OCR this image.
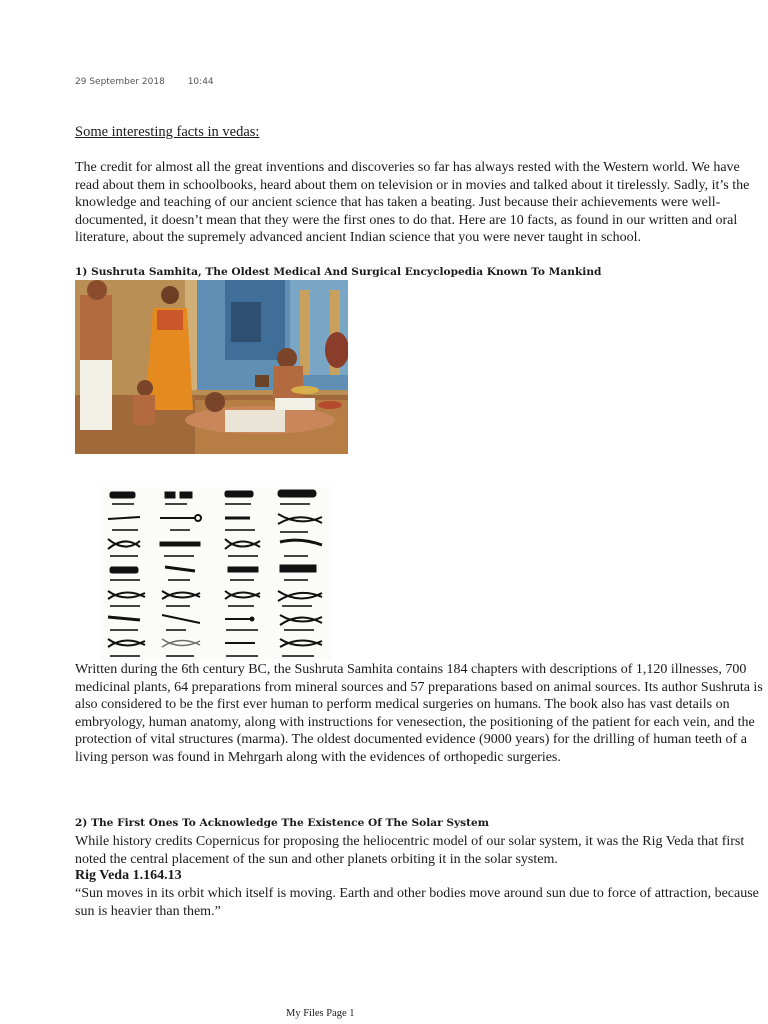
29 September 2018	10:44
Some interesting facts in vedas:

The credit for almost all the great inventions and discoveries so far has always rested with the Western world. We have read about them in schoolbooks, heard about them on television or in movies and talked about it tirelessly. Sadly, it’s the knowledge and teaching of our ancient science that has taken a beating. Just because their achievements were well-documented, it doesn’t mean that they were the first ones to do that. Here are 10 facts, as found in our written and oral literature, about the supremely advanced ancient Indian science that you were never taught in school.

1) Sushruta Samhita, The Oldest Medical And Surgical Encyclopedia Known To Mankind

Written during the 6th century BC, the Sushruta Samhita contains 184 chapters with descriptions of 1,120 illnesses, 700 medicinal plants, 64 preparations from mineral sources and 57 preparations based on animal sources. Its author Sushruta is also considered to be the first ever human to perform medical surgeries on humans. The book also has vast details on embryology, human anatomy, along with instructions for venesection, the positioning of the patient for each vein, and the protection of vital structures (marma). The oldest documented evidence (9000 years) for the drilling of human teeth of a living person was found in Mehrgarh along with the evidences of orthopedic surgeries.

2) The First Ones To Acknowledge The Existence Of The Solar System

While history credits Copernicus for proposing the heliocentric model of our solar system, it was the Rig Veda that first noted the central placement of the sun and other planets orbiting it in the solar system.

Rig Veda 1.164.13

“Sun moves in its orbit which itself is moving. Earth and other bodies move around sun due to force of attraction, because sun is heavier than them.”

My Files Page 1
